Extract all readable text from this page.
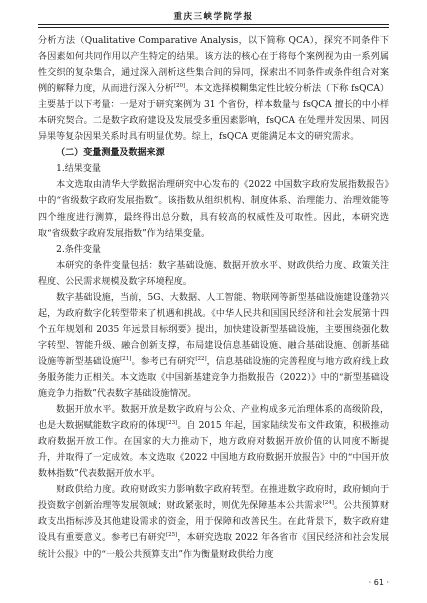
重庆三峡学院学报

分析方法（Qualitative Comparative Analysis，以下简称 QCA），探究不同条件下各因素如何共同作用以产生特定的结果。该方法的核心在于将每个案例视为由一系列属性交织的复杂集合，通过深入剖析这些集合间的异同，探索出不同条件或条件组合对案例的解释力度，从而进行深入分析[20]。本文选择模糊集定性比较分析法（下称 fsQCA）主要基于以下考量：一是对于研究案例为 31 个省份，样本数量与 fsQCA 擅长的中小样本研究契合。二是数字政府建设及发展受多重因素影响，fsQCA 在处理并发因果、同因异果等复杂因果关系时具有明显优势。综上，fsQCA 更能满足本文的研究需求。

（二）变量测量及数据来源

1.结果变量

本文选取由清华大学数据治理研究中心发布的《2022 中国数字政府发展指数报告》中的“省级数字政府发展指数”。该指数从组织机构、制度体系、治理能力、治理效能等四个维度进行测算，最终得出总分数，具有较高的权威性及可取性。因此，本研究选取“省级数字政府发展指数”作为结果变量。

2.条件变量

本研究的条件变量包括：数字基础设施、数据开放水平、财政供给力度、政策关注程度、公民需求规模及数字环境程度。

数字基础设施，当前，5G、大数据、人工智能、物联网等新型基础设施建设蓬勃兴起，为政府数字化转型带来了机遇和挑战。《中华人民共和国国民经济和社会发展第十四个五年规划和 2035 年远景目标纲要》提出，加快建设新型基础设施，主要围绕强化数字转型、智能升级、融合创新支撑，布局建设信息基础设施、融合基础设施、创新基础设施等新型基础设施[21]。参考已有研究[22]，信息基础设施的完善程度与地方政府线上政务服务能力正相关。本文选取《中国新基建竞争力指数报告（2022）》中的“新型基础设施竞争力指数”代表数字基础设施情况。

数据开放水平。数据开放是数字政府与公众、产业构成多元治理体系的高级阶段，也是大数据赋能数字政府的体现[23]。自 2015 年起，国家陆续发布文件政策，积极推动政府数据开放工作。在国家的大力推动下，地方政府对数据开放价值的认同度不断提升，并取得了一定成效。本文选取《2022 中国地方政府数据开放报告》中的“中国开放数林指数”代表数据开放水平。

财政供给力度。政府财政实力影响数字政府转型。在推进数字政府时，政府倾向于投资数字创新治理等发展领域；财政紧张时，则优先保障基本公共需求[24]。公共预算财政支出指标涉及其他建设需求的资金，用于保障和改善民生。在此背景下，数字政府建设具有重要意义。参考已有研究[25]，本研究选取 2022 年各省市《国民经济和社会发展统计公报》中的“一般公共预算支出”作为衡量财政供给力度

· 61 ·
